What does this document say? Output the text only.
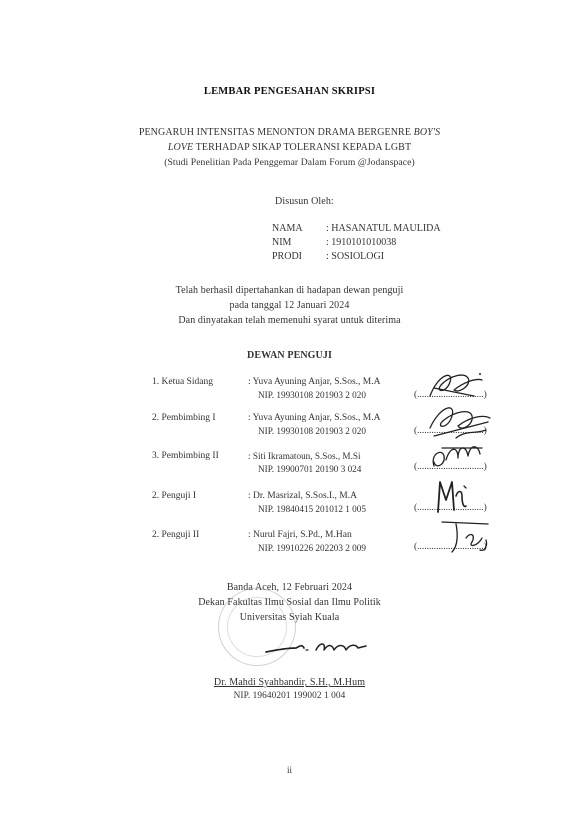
LEMBAR PENGESAHAN SKRIPSI
PENGARUH INTENSITAS MENONTON DRAMA BERGENRE BOY'S
LOVE TERHADAP SIKAP TOLERANSI KEPADA LGBT
(Studi Penelitian Pada Penggemar Dalam Forum @Jodanspace)
Disusun Oleh:
NAMA : HASANATUL MAULIDA
NIM	: 1910101010038
PRODI : SOSIOLOGI
Telah berhasil dipertahankan di hadapan dewan penguji
pada tanggal 12 Januari 2024
Dan dinyatakan telah memenuhi syarat untuk diterima
DEWAN PENGUJI
1. Ketua Sidang	: Yuva Ayuning Anjar, S.Sos., M.A
NIP. 19930108 201903 2 020	(............................)
2. Pembimbing I	: Yuva Ayuning Anjar, S.Sos., M.A
NIP. 19930108 201903 2 020	(............................)
3. Pembimbing II	: Siti Ikramatoun, S.Sos., M.Si
NIP. 19900701 20190 3 024	(............................)
2. Penguji I	: Dr. Masrizal, S.Sos.I., M.A
NIP. 19840415 201012 1 005	(............................)
2. Penguji II	: Nurul Fajri, S.Pd., M.Han
NIP. 19910226 202203 2 009	(............................)
Banda Aceh, 12 Februari 2024
Dekan Fakultas Ilmu Sosial dan Ilmu Politik
Universitas Syiah Kuala
Dr. Mahdi Syahbandir, S.H., M.Hum
NIP. 19640201 199002 1 004
ii
